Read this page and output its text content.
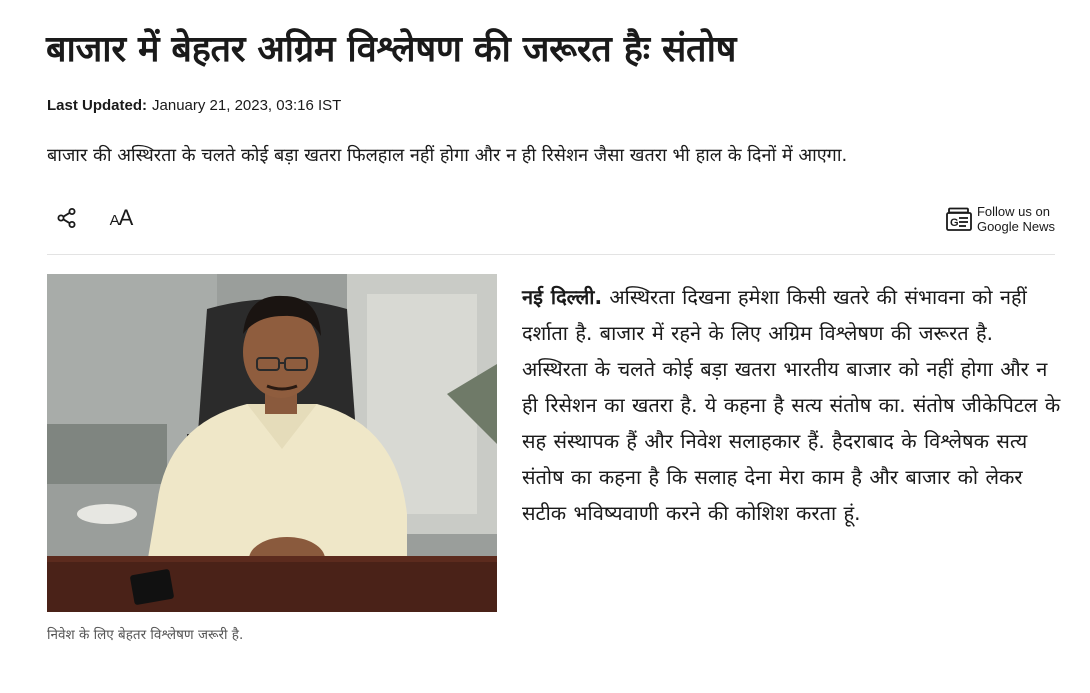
बाजार में बेहतर अग्रिम विश्लेषण की जरूरत हैः संतोष
Last Updated: January 21, 2023, 03:16 IST
बाजार की अस्थिरता के चलते कोई बड़ा खतरा फिलहाल नहीं होगा और न ही रिसेशन जैसा खतरा भी हाल के दिनों में आएगा.
AA	G
Follow us on
Google News
निवेश के लिए बेहतर विश्लेषण जरूरी है.

नई दिल्ली. अस्थिरता दिखना हमेशा किसी खतरे की संभावना को नहीं दर्शाता है. बाजार में रहने के लिए अग्रिम विश्लेषण की जरूरत है. अस्थिरता के चलते कोई बड़ा खतरा भारतीय बाजार को नहीं होगा और न ही रिसेशन का खतरा है. ये कहना है सत्य संतोष का. संतोष जीकेपिटल के सह संस्थापक हैं और निवेश सलाहकार हैं. हैदराबाद के विश्लेषक सत्य संतोष का कहना है कि सलाह देना मेरा काम है और बाजार को लेकर सटीक भविष्यवाणी करने की कोशिश करता हूं.
